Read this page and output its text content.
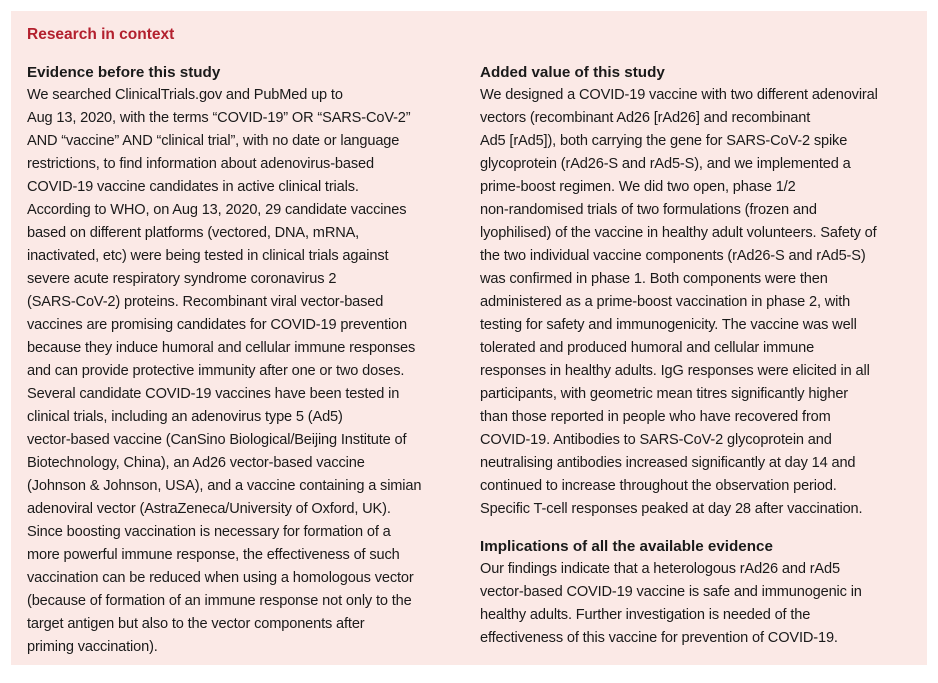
Research in context
Evidence before this study

We searched ClinicalTrials.gov and PubMed up to
Aug 13, 2020, with the terms “COVID-19” OR “SARS-CoV-2”
AND “vaccine” AND “clinical trial”, with no date or language
restrictions, to find information about adenovirus-based
COVID-19 vaccine candidates in active clinical trials.
According to WHO, on Aug 13, 2020, 29 candidate vaccines
based on different platforms (vectored, DNA, mRNA,
inactivated, etc) were being tested in clinical trials against
severe acute respiratory syndrome coronavirus 2
(SARS-CoV-2) proteins. Recombinant viral vector-based
vaccines are promising candidates for COVID-19 prevention
because they induce humoral and cellular immune responses
and can provide protective immunity after one or two doses.
Several candidate COVID-19 vaccines have been tested in
clinical trials, including an adenovirus type 5 (Ad5)
vector-based vaccine (CanSino Biological/Beijing Institute of
Biotechnology, China), an Ad26 vector-based vaccine
(Johnson & Johnson, USA), and a vaccine containing a simian
adenoviral vector (AstraZeneca/University of Oxford, UK).
Since boosting vaccination is necessary for formation of a
more powerful immune response, the effectiveness of such
vaccination can be reduced when using a homologous vector
(because of formation of an immune response not only to the
target antigen but also to the vector components after
priming vaccination).

Added value of this study

We designed a COVID-19 vaccine with two different adenoviral
vectors (recombinant Ad26 [rAd26] and recombinant
Ad5 [rAd5]), both carrying the gene for SARS-CoV-2 spike
glycoprotein (rAd26-S and rAd5-S), and we implemented a
prime-boost regimen. We did two open, phase 1/2
non-randomised trials of two formulations (frozen and
lyophilised) of the vaccine in healthy adult volunteers. Safety of
the two individual vaccine components (rAd26-S and rAd5-S)
was confirmed in phase 1. Both components were then
administered as a prime-boost vaccination in phase 2, with
testing for safety and immunogenicity. The vaccine was well
tolerated and produced humoral and cellular immune
responses in healthy adults. IgG responses were elicited in all
participants, with geometric mean titres significantly higher
than those reported in people who have recovered from
COVID-19. Antibodies to SARS-CoV-2 glycoprotein and
neutralising antibodies increased significantly at day 14 and
continued to increase throughout the observation period.
Specific T-cell responses peaked at day 28 after vaccination.

Implications of all the available evidence

Our findings indicate that a heterologous rAd26 and rAd5
vector-based COVID-19 vaccine is safe and immunogenic in
healthy adults. Further investigation is needed of the
effectiveness of this vaccine for prevention of COVID-19.
